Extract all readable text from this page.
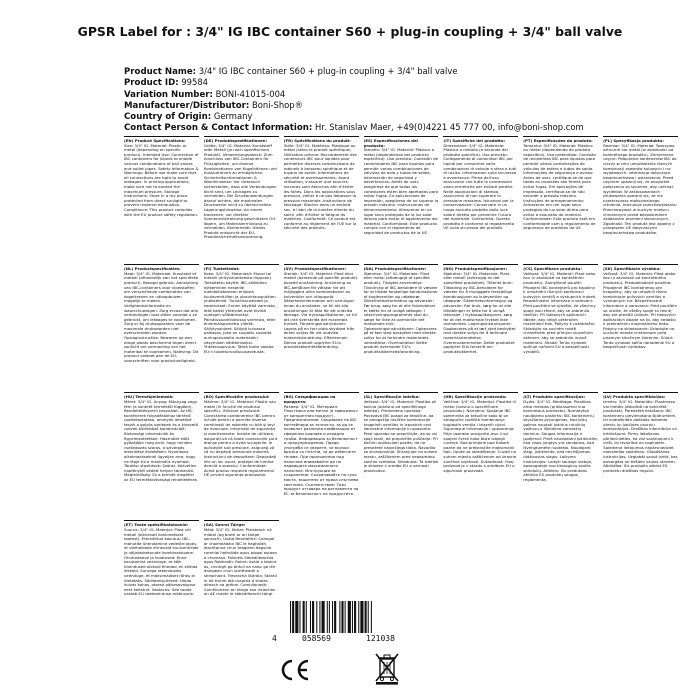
GPSR Label for : 3/4" IG IBC container S60 + plug-in coupling + 3/4" ball valve
Product Name: 3/4" IG IBC container S60 + plug-in coupling + 3/4" ball valve
Product ID: 99584
Variation Number: BONI-41015-004
Manufacturer/Distributor: Boni-Shop®
Country of Origin: Germany
Contact Person & Contact Information: Hr. Stanislav Maer, +49(0)4221 45 777 00, info@boni-shop.com
(EN) Product Specifications:
Size: 3/4" IG. Material: Plastic or metal (depending on specific product). Intended Use: Connection of IBC containers for liquids to enable various combinations of ball valves and outlet pipes. Safety Information & Warnings: Before use make sure that all connections are tight to avoid leakages. In printing applications, make sure not to exceed the maximum pressure. Storage Instructions: Store in a dry place protected from direct sunlight to prevent material exhaustion. Compliance: This product complies with the EU product safety regulation.
(DE) Produktspezifikationen:
Größe: 3/4" IG. Material: Kunststoff oder Metall (je nach spezifischem Produkt). Verwendungszweck: Zum Anschluss von IBC-Containern für Flüssigkeiten, um diverse Kombinationen von Kugelhähnen und Auslaufrohren zu ermöglichen. Sicherheitsinformationen & Warnhinweise: Vor Gebrauch sicherstellen, dass alle Verbindungen dicht sind, um Leckagen zu vermeiden. Bei Druckanwendungen darauf achten, die maximalen Druckwerte nicht zu überschreiten. Lagerungshinweise: An einem trockenen, vor direkter Sonneneinstrahlung geschützten Ort lagern, um Materialermüdung zu vermeiden. Konformität: Dieses Produkt entspricht der EU-Produktsicherheitsverordnung.
(FR) Spécifications du produit:
Taille: 3/4" IG. Matériau: Plastique ou métal (selon le produit spécifique). Utilisation prévue: Raccordement des conteneurs IBC pour liquides pour permettre diverses combinaisons de robinets à boisseau sphérique et de tuyaux de sortie. Informations de sécurité et avertissements: Avant utilisation, s'assurer que tous les raccords sont étanches afin d'éviter les fuites. Dans les applications sous pression, veiller à ne pas dépasser la pression maximale. Instructions de stockage: Stocker dans un endroit sec, à l'abri de la lumière directe du soleil, afin d'éviter la fatigue du matériau. Conformité: Ce produit est conforme au règlement de l'UE sur la sécurité des produits.
(ES) Especificaciones del producto:
Tamaño: 3/4" IG. Material: Plástico o metal (dependiendo del producto específico). Uso previsto: Conexión de contenedores IBC para líquidos para permitir varias combinaciones de válvulas de bola y tubos de salida. Información de seguridad y advertencias: Antes de usar, asegúrese de que todas las conexiones estén bien apretadas para evitar fugas. En aplicaciones de impresión, asegúrese de no superar la presión máxima. Instrucciones de almacenamiento: Almacenar en un lugar seco protegido de la luz solar directa para evitar el agotamiento del material. Conformidad: Este producto cumple con el reglamento de seguridad de productos de la UE.
(IT) Specifiche del prodotto:
Dimensione: 3/4" IG. Materiale: Plastica o metallo (a seconda del prodotto specifico). Uso previsto: Collegamento di contenitori IBC per liquidi per consentire varie combinazioni di valvole a sfera e tubi di uscita. Informazioni sulla sicurezza e avvertenze: Prima dell'uso assicurarsi che tutte le connessioni siano ermetiche per evitare perdite. Nelle applicazioni di stampa, assicurarsi di non superare la pressione massima. Istruzioni per la conservazione: Conservare in un luogo asciutto protetto dalla luce solare diretta per prevenire l'usura del materiale. Conformità: Questo prodotto è conforme al regolamento UE sulla sicurezza dei prodotti.
(PT) Especificações do produto:
Tamanho: 3/4" IG. Material: Plástico ou metal (dependendo do produto específico). Uso pretendido: Conexão de recipientes IBC para líquidos para permitir várias combinações de válvulas de esfera e tubos de saída. Informações de segurança e avisos: Antes de usar, certifique-se de que todas as conexões são firmes para evitar fugas. Em aplicações de impressão, certifique-se de não exceder a pressão máxima. Instruções de armazenamento: Armazenar em um lugar seco protegido da luz solar direta para evitar a exaustão do material. Conformidade: Este produto está em conformidade com o regulamento de segurança de produtos da UE.
(PL) Specyfikacja produktu:
Rozmiar: 3/4" IG. Materiał: Tworzywo sztuczne lub metal (w zależności od konkretnego produktu). Zamierzone użycie: Połączenie kontenerów IBC do cieczy w celu umożliwienia różnych kombinacji zaworów kulowych i rur wylotowych. Informacje dotyczące bezpieczeństwa i ostrzeżenia: Przed użyciem upewnij się, że wszystkie połączenia są szczelne, aby uniknąć wycieków. W zastosowaniach drukowania upewnij się, że nie przekraczasz maksymalnego ciśnienia. Instrukcje przechowywania: Przechowywać w suchym miejscu chronionym przed bezpośrednim działaniem promieni słonecznych. Zgodność: Ten produkt jest zgodny z przepisami UE dotyczącymi bezpieczeństwa produktów.
(NL) Productspecificaties:
Maat: 3/4" IG. Materiaal: Kunststof of metaal (afhankelijk van het specifieke product). Beoogd gebruik: Aansluiting van IBC-containers voor vloeistoffen om verschillende combinaties van kogelkranen en uitloopbuizen mogelijk te maken. Veiligheidsinformatie en waarschuwingen: Zorg ervoor dat alle verbindingen vast zitten voordat u ze gebruikt, om lekkages te voorkomen. Zorg er bij drukapparaten voor de maximale drukwaarden niet overschreden worden. Opslaginstructies: Bewaren op een droge plaats beschermd tegen direct zonlicht om vermoeiing van het materiaal te voorkomen. Naleving: Dit product voldoet aan de EU-voorschriften voor productveiligheid.
(FI) Tuotetiedot:
Koko: 3/4" IG. Materiaali: Muovi tai metalli (erityistuotteesta riippuen). Tarkoitettu käyttö: IBC-säiliöiden kytkeminen nesteille mahdollistamaan erilaisia kuulaventtiilien ja ulosvirtausputkien yhdistelmiä. Turvallisuustiedot ja varoitukset: Ennen käyttöä varmista, että kaikki yhteydet ovat tiiviitä vuotojen välttämiseksi. Painatussovelluksissa varmista, ettei enimmäispainetta ylitetä. Säilytysohjeet: Säilytä kuivassa paikassa, joka on suojattu suoralta auringonvalolta materiaalin väsymisen välttämiseksi. Yhteensopivuus: Tämä tuote vastaa EU:n tuoteturvallisuusasetusta.
(SV) Produktspecifikationer:
Storlek: 3/4" IG. Material: Plast eller metall (beroende på specifik produkt). Avsedd användning: Anslutning av IBC-behållare för vätskor för att möjliggöra olika kombinationer av kulventiler och utloppsrör. Säkerhetsinformation och varningar: Innan du använder, se till att alla anslutningar är täta för att undvika läckage. Vid tryckapplikationer, se till att inte överskrida det maximala trycket. Förvaringsinstruktioner: Lagras på en torr plats skyddad från direkt solljus för att undvika materialutmattning. Efterlevnad: Denna produkt uppfyller EU:s produktsäkerhetsförordning.
(DA) Produktspecifikationer:
Størrelse: 3/4" IG. Materiale: Plast eller metal (afhængigt af specifikt produkt). Tilsigtet anvendelse: Tilslutning af IBC-beholdere til væsker for at tillade forskellige kombinationer af kugleventiler og udløbsrør. Sikkerhedsinformation og advarsler: Før brug, sørg for at alle forbindelser er tætte for at undgå lækager. I udskrivningsprogrammer skal du sørge for ikke at overskride det maksimale tryk. Opbevaringsinstruktioner: Opbevares på et tørt sted beskyttet mod direkte sollys for at forhindre materialets udmattelse. Overholdelse: Dette produkt overholder EU's produktsikkerhedsforordning.
(NO) Produktspesifikasjoner:
Størrelse: 3/4" IG. Materiale: Plast eller metall (avhengig av det spesifikke produktet). Tiltenkt bruk: Tilkobling av IBC-beholdere for væsker for å muliggjøre forskjellige kombinasjoner av kuleventiler og utløpsrør. Sikkerhetsinformasjon og advarsler: Før bruk, sørg for at alle tilkoblinger er tette for å unngå lekkasjer. I trykkapplikasjoner, sørg for at det maksimale trykket ikke overskrides. Lagringsinstruksjoner: Oppbevares på et tørt sted beskyttet mot direkte sollys for å forhindre materialutmattelse. Overensstemmelse: Dette produktet oppfyller EUs forskrift om produktsikkerhet.
(CS) Specifikace produktu:
Velikost: 3/4" IG. Materiál: Plast nebo kov (v závislosti na konkrétním produktu). Zamýšlené použití: Připojení IBC kontejnerů pro kapaliny k umožnění různých kombinací kulových ventilů a výstupních trubek. Bezpečnostní informace a varování: Před použitím se ujistěte, že všechny spoje jsou těsné, aby se zabránilo únikům. Při tlakových aplikacích dbejte, aby nebyl překročen maximální tlak. Pokyny k uskladnění: Skladujte na suchém místě chráněném před přímým slunečním zářením, aby se zabránilo únavě materiálu. Shoda: Tento výrobek splňuje nařízení EU o bezpečnosti výrobků.
(SK) Špecifikácie výrobku:
Veľkosť: 3/4" IG. Materiál: Plast alebo kov (v závislosti od konkrétneho produktu). Predpokladané použitie: Pripojenie IBC kontajnerov pre kvapaliny, aby sa umožnili rôzne kombinácie guľových ventilov a výstupných rúr. Bezpečnostné informácie a varovania: Pred použitím sa uistite, že všetky spoje sú tesné, aby ste predišli únikom. Pri tlakových aplikáciách dbajte na to, aby nedošlo k prekročeniu maximálneho tlaku. Pokyny na skladovanie: Skladujte na suchom mieste chránenom pred priamym slnečným žiarením. Súlad: Tento výrobok spĺňa nariadenie EÚ o bezpečnosti výrobkov.
(HU) Termékjellemzők:
Méret: 3/4" IG. Anyag: Műanyag vagy fém (a konkrét terméktől függően). Rendeltetésszerű használat: Az IBC konténerek folyadékokhoz történő csatlakoztatása, amelyek lehetővé teszik a golyós szelepek és a kivezető csövek különböző kombinációit. Biztonsági információk és figyelmeztetések: Használat előtt győződjön meg arról, hogy minden csatlakozás szoros, a szivárgás elkerülése érdekében. Nyomásos alkalmazásoknál ügyeljen arra, hogy ne lépje túl a maximális nyomást. Tárolási utasítások: Száraz, közvetlen napfénytől védett helyen tárolandó. Megfelelőség: Ez a termék megfelel az EU termékbiztonsági rendeletének.
(RO) Specificațiile produsului:
Mărime: 3/4" IG. Material: Plastic sau metal (în funcție de produsul specific). Utilizare prevăzută: Conectarea containerelor IBC pentru lichide pentru a permite diverse combinații de robinete cu bilă și țevi de evacuare. Informații de siguranță și avertismente: Înainte de utilizare, asigurați-vă că toate conexiunile sunt etanșe pentru a evita scurgerile. În aplicațiile sub presiune, asigurați-vă că nu depășiți presiunea maximă. Instrucțiuni de depozitare: Depozitați într-un loc uscat, protejat de lumina directă a soarelui. Conformitate: Acest produs respectă regulamentul UE privind siguranța produselor.
(BG) Спецификации на продукта:
Размер: 3/4" IG. Материал: Пластмаса или метал (в зависимост от конкретния продукт). Предназначение: Свързване на IBC контейнери за течности, за да се позволят различни комбинации от сферични кранове и изходни тръби. Информация за безопасност и предупреждения: Преди употреба се уверете, че всички връзки са плътни, за да избегнете течове. При приложения под налягане внимавайте да не надвишите максималното налягане. Инструкции за съхранение: Съхранявайте на сухо място, защитено от пряка слънчева светлина. Съответствие: Този продукт отговаря на регламента на ЕС за безопасност на продуктите.
(SL) Specifikacije izdelka:
Velikost: 3/4" IG. Material: Plastika ali kovina (odvisno od specifičnega izdelka). Predvidena uporaba: Povezava IBC posod za tekočine, da se omogočijo različne kombinacije krogelnih ventilov in izpustnih cevi. Varnostne informacije in opozorila: Pred uporabo se prepričajte, da so vsi spoji tesni, da preprečite puščanje. Pri tlačnih aplikacijah pazite, da ne presežete največjega tlaka. Navodila za shranjevanje: Shranjujte na suhem mestu, zaščitenem pred neposredno sončno svetlobo. Skladnost: Ta izdelek je skladen z uredbo EU o varnosti proizvodov.
(HR) Specifikacije proizvoda:
Veličina: 3/4" IG. Materijal: Plastika ili metal (ovisno o specifičnom proizvodu). Namjena: Spajanje IBC spremnika za tekućine kako bi se omogućile različite kombinacije kuglastih ventila i izlaznih cijevi. Sigurnosne informacije i upozorenja: Prije uporabe provjerite jesu li svi spojevi čvrsti kako biste izbjegli curenje. Kod primjene pod tlakom pazite da ne prekoračite maksimalni tlak. Upute za skladištenje: Čuvati na suhom mjestu zaštićenom od izravne sunčeve svjetlosti. Sukladnost: Ovaj proizvod je u skladu s uredbom EU o sigurnosti proizvoda.
(LT) Produkto specifikacijos:
Dydis: 3/4" IG. Medžiaga: Plastikas arba metalas (priklausomai nuo konkretaus produkto). Numatytoji naudojimo paskirtis: IBC konteinerių skysčiams prijungimas, kad būtų galima naudoti įvairius rutulinių vožtuvų ir išleidimo vamzdžių derinius. Saugos informacija ir įspėjimai: Prieš naudodami įsitikinkite, kad visos jungtys yra sandarios, kad išvengtumėte nuotėkio. Naudojant slėgį, įsitikinkite, kad neviršijamas didžiausias slėgis. Laikymo instrukcijos: Laikyti sausoje vietoje, apsaugotoje nuo tiesioginių saulės spindulių. Atitiktis: Šis produktas atitinka ES produktų saugos reglamentą.
(LV) Produkta specifikācijas:
Izmērs: 3/4" IG. Materiāls: Plastmasa vai metāls (atkarībā no konkrētā produkta). Paredzētā lietošana: IBC konteineru pievienošana šķidrumiem, lai nodrošinātu dažādas lodveida vārstu un izplūdes cauruļu kombinācijas. Drošības informācija un brīdinājumi: Pirms lietošanas pārliecinieties, ka visi savienojumi ir cieši, lai izvairītos no noplūdēm. Spiediena lietojumos nepārsniedziet maksimālo spiedienu. Glabāšanas instrukcijas: Uzglabāt sausā vietā, kas aizsargāta no tiešiem saules stariem. Atbilstība: Šis produkts atbilst ES produktu drošības regulai.
(ET) Toote spetsifikatsioonid:
Suurus: 3/4" IG. Materjal: Plast või metall (olenevalt konkreetsest tootest). Ettenähtud kasutus: IBC-mahutite ühendamine vedelike jaoks, et võimaldada erinevaid kuulventiilide ja väljalasketorude kombinatsioone. Ohutusteave ja hoiatused: Enne kasutamist veenduge, et kõik ühendused oleksid tihedad, et vältida lekkeid. Survega rakendustes veenduge, et maksimaalset rõhku ei ületataks. Säilitamisjuhised: Hoida kuivas kohas, otsese päikesevalguse eest kaitstult. Vastavus: See toode vastab ELi tooteohutuse määrusele.
(GA) Sonraí Táirge:
Méid: 3/4" IG. Ábhar: Plaisteach nó miotal (ag brath ar an táirge sonrach). Úsáid Beartaithe: Ceangal ar choimeádáin IBC le haghaidh leachtanna chun teaglaim éagsúla comhlaí liathróide agus píopaí asraon a chumasú. Faisnéis Sábháilteachta agus Rabhaidh: Roimh úsáid a bhaint as, cinntigh go bhfuil na naisc go léir daingean chun sceitheadh a sheachaint. Treoracha Stórála: Stóráil in áit thirim atá cosanta ó sholas díreach na gréine. Comhlíonadh: Comhlíonann an táirge seo rialachán an AE maidir le sábháilteacht táirgí.
4	058569	121038
